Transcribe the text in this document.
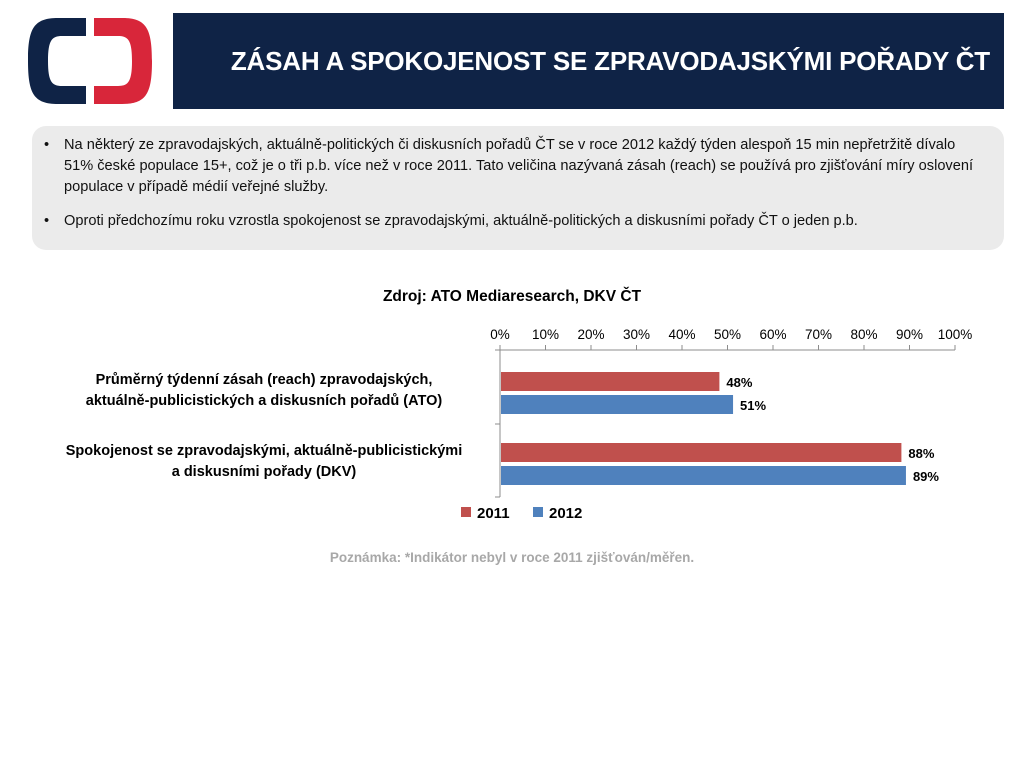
ZÁSAH A SPOKOJENOST SE ZPRAVODAJSKÝMI POŘADY ČT
• Na některý ze zpravodajských, aktuálně-politických či diskusních pořadů ČT se v roce 2012 každý týden alespoň 15 min nepřetržitě dívalo 51% české populace 15+, což je o tři p.b. více než v roce 2011. Tato veličina nazývaná zásah (reach) se používá pro zjišťování míry oslovení populace v případě médií veřejné služby.
• Oproti předchozímu roku vzrostla spokojenost se zpravodajskými, aktuálně-politických a diskusními pořady ČT o jeden p.b.
Zdroj: ATO Mediaresearch, DKV ČT
0% 10% 20% 30% 40% 50% 60% 70% 80% 90% 100%
Průměrný týdenní zásah (reach) zpravodajských,
aktuálně-publicistických a diskusních pořadů (ATO)
48%
51%
Spokojenost se zpravodajskými, aktuálně-publicistickými
a diskusními pořady (DKV)
88%
89%
2011	2012
Poznámka: *Indikátor nebyl v roce 2011 zjišťován/měřen.
